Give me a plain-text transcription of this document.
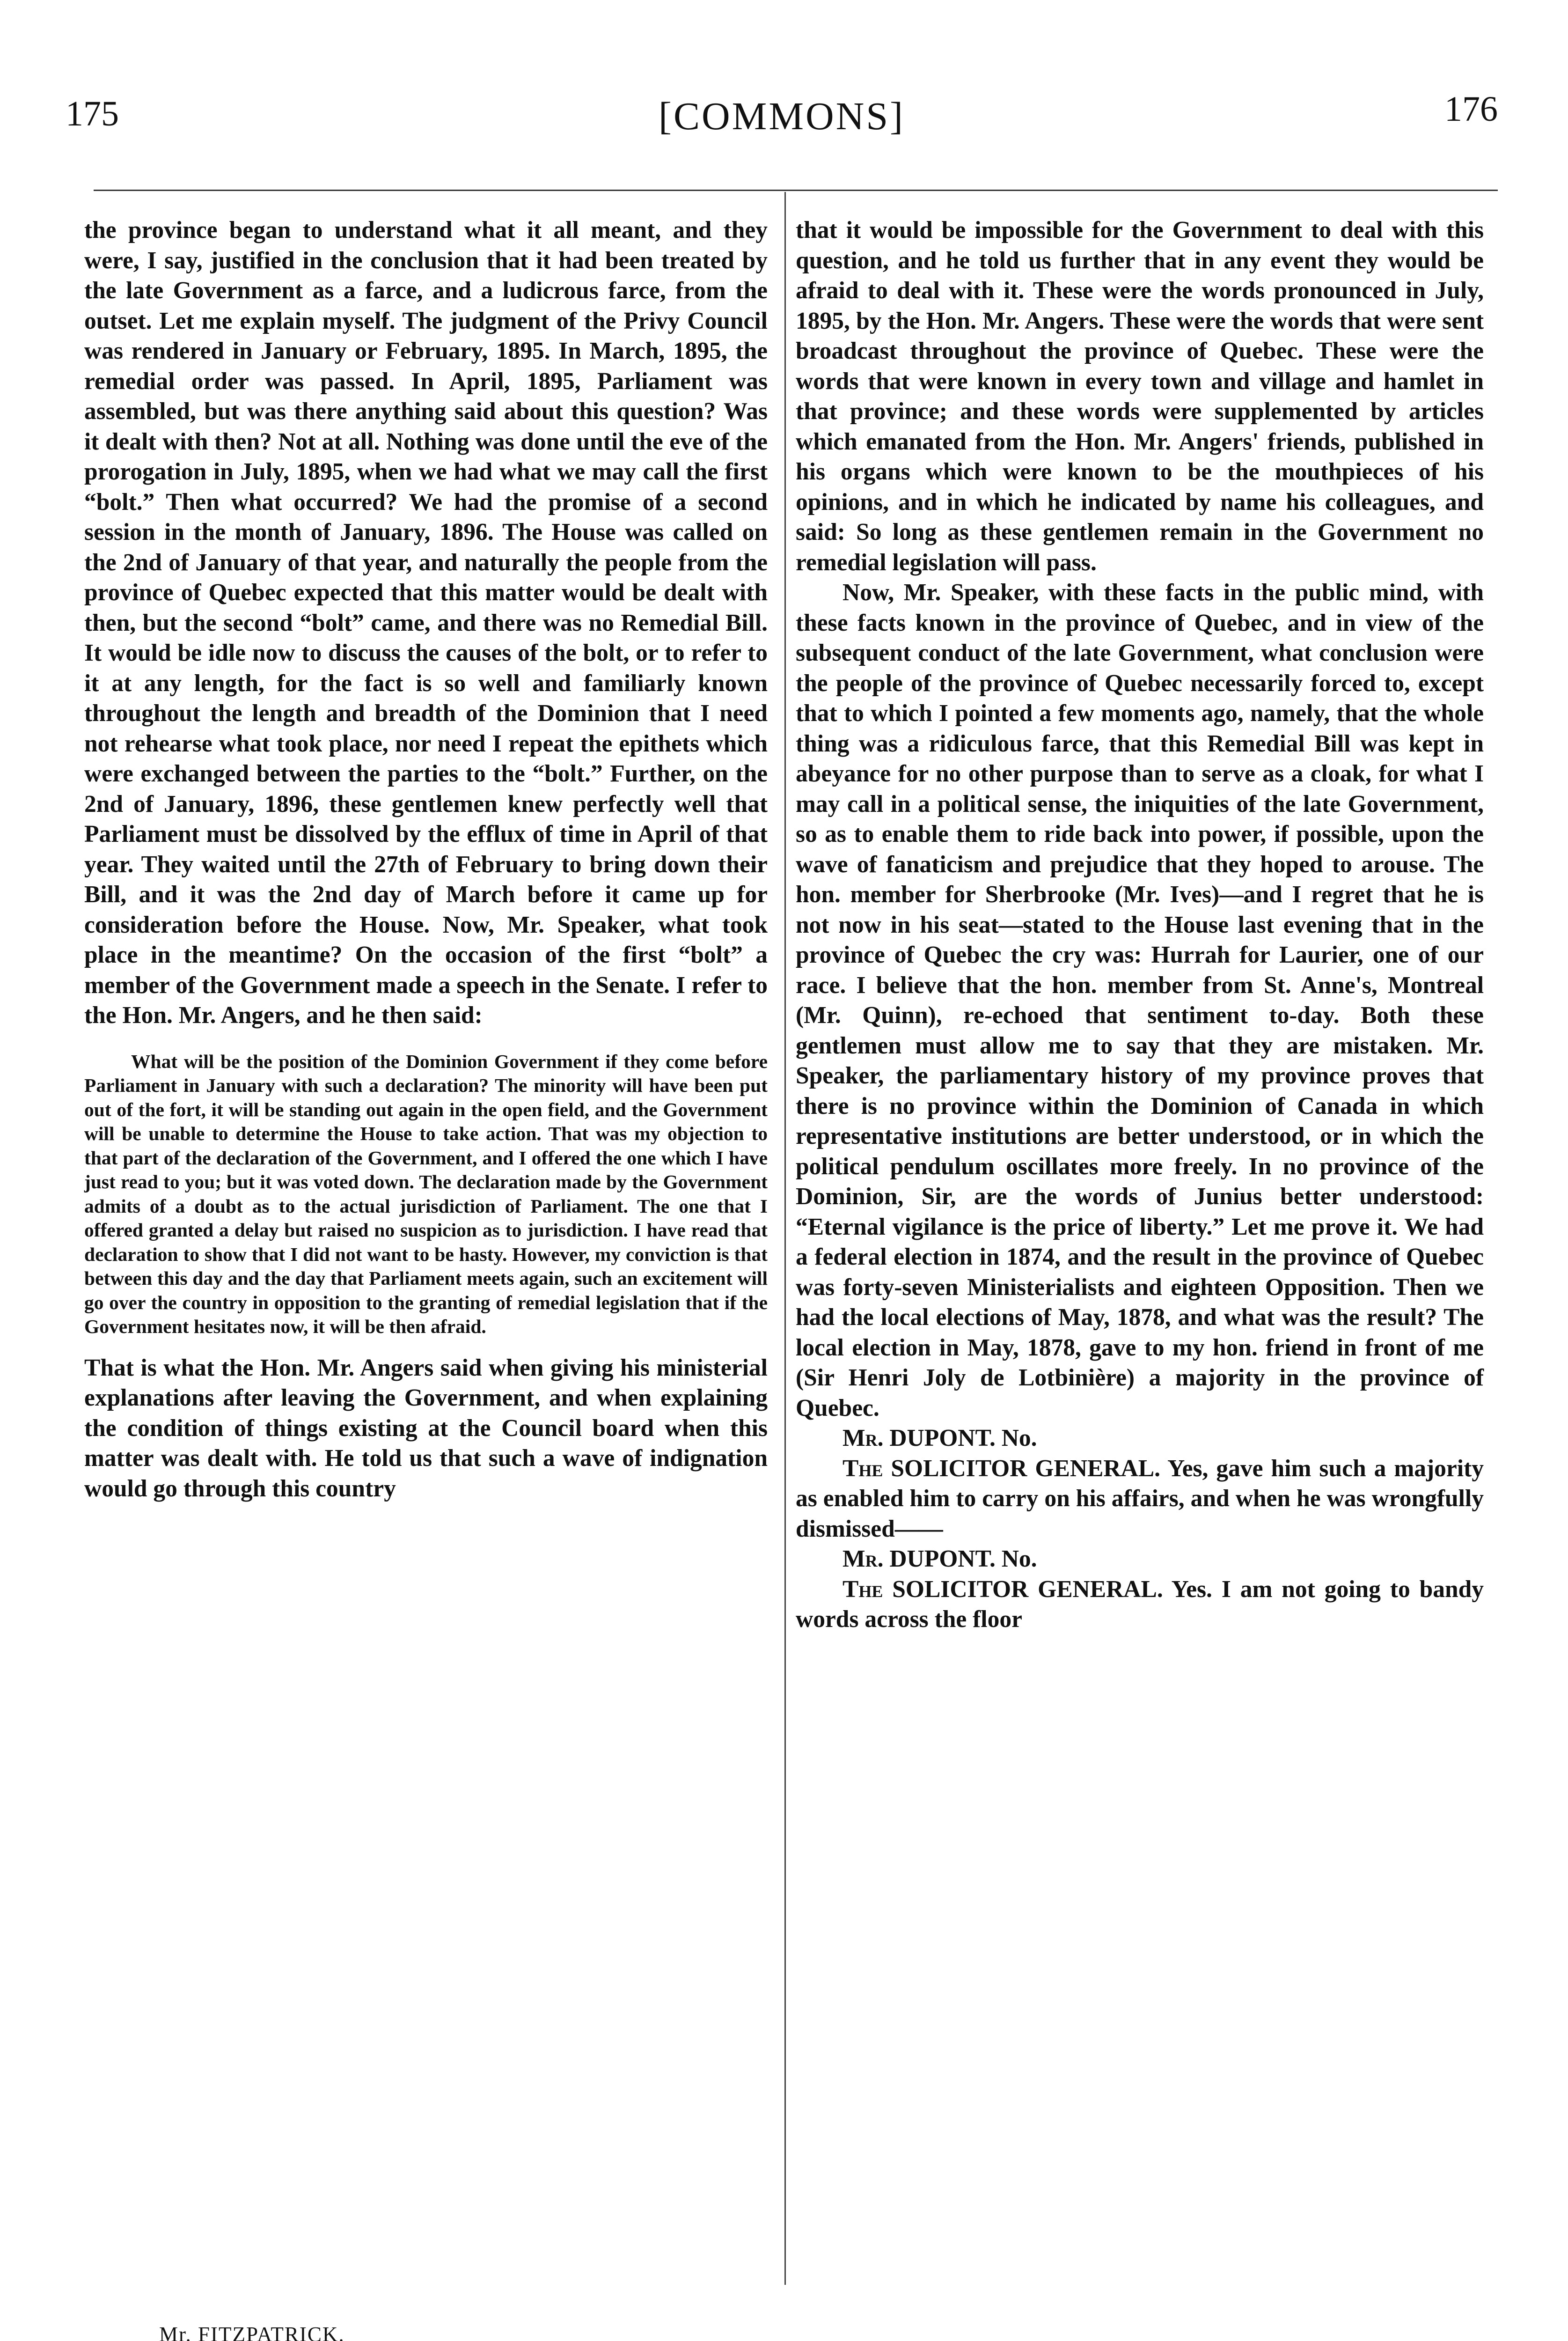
175	[COMMONS]	176

the province began to understand what it all meant, and they were, I say, justified in the conclusion that it had been treated by the late Government as a farce, and a ludicrous farce, from the outset. Let me explain myself. The judgment of the Privy Council was rendered in January or February, 1895. In March, 1895, the remedial order was passed. In April, 1895, Parliament was assembled, but was there anything said about this question? Was it dealt with then? Not at all. Nothing was done until the eve of the prorogation in July, 1895, when we had what we may call the first “bolt.” Then what occurred? We had the promise of a second session in the month of January, 1896. The House was called on the 2nd of January of that year, and naturally the people from the province of Quebec expected that this matter would be dealt with then, but the second “bolt” came, and there was no Remedial Bill. It would be idle now to discuss the causes of the bolt, or to refer to it at any length, for the fact is so well and familiarly known throughout the length and breadth of the Dominion that I need not rehearse what took place, nor need I repeat the epithets which were exchanged between the parties to the “bolt.” Further, on the 2nd of January, 1896, these gentlemen knew perfectly well that Parliament must be dissolved by the efflux of time in April of that year. They waited until the 27th of February to bring down their Bill, and it was the 2nd day of March before it came up for consideration before the House. Now, Mr. Speaker, what took place in the meantime? On the occasion of the first “bolt” a member of the Government made a speech in the Senate. I refer to the Hon. Mr. Angers, and he then said:

What will be the position of the Dominion Government if they come before Parliament in January with such a declaration? The minority will have been put out of the fort, it will be standing out again in the open field, and the Government will be unable to determine the House to take action. That was my objection to that part of the declaration of the Government, and I offered the one which I have just read to you; but it was voted down. The declaration made by the Government admits of a doubt as to the actual jurisdiction of Parliament. The one that I offered granted a delay but raised no suspicion as to jurisdiction. I have read that declaration to show that I did not want to be hasty. However, my conviction is that between this day and the day that Parliament meets again, such an excitement will go over the country in opposition to the granting of remedial legislation that if the Government hesitates now, it will be then afraid.

That is what the Hon. Mr. Angers said when giving his ministerial explanations after leaving the Government, and when explaining the condition of things existing at the Council board when this matter was dealt with. He told us that such a wave of indignation would go through this country

that it would be impossible for the Government to deal with this question, and he told us further that in any event they would be afraid to deal with it. These were the words pronounced in July, 1895, by the Hon. Mr. Angers. These were the words that were sent broadcast throughout the province of Quebec. These were the words that were known in every town and village and hamlet in that province; and these words were supplemented by articles which emanated from the Hon. Mr. Angers' friends, published in his organs which were known to be the mouthpieces of his opinions, and in which he indicated by name his colleagues, and said: So long as these gentlemen remain in the Government no remedial legislation will pass.

Now, Mr. Speaker, with these facts in the public mind, with these facts known in the province of Quebec, and in view of the subsequent conduct of the late Government, what conclusion were the people of the province of Quebec necessarily forced to, except that to which I pointed a few moments ago, namely, that the whole thing was a ridiculous farce, that this Remedial Bill was kept in abeyance for no other purpose than to serve as a cloak, for what I may call in a political sense, the iniquities of the late Government, so as to enable them to ride back into power, if possible, upon the wave of fanaticism and prejudice that they hoped to arouse. The hon. member for Sherbrooke (Mr. Ives)—and I regret that he is not now in his seat—stated to the House last evening that in the province of Quebec the cry was: Hurrah for Laurier, one of our race. I believe that the hon. member from St. Anne's, Montreal (Mr. Quinn), re-echoed that sentiment to-day. Both these gentlemen must allow me to say that they are mistaken. Mr. Speaker, the parliamentary history of my province proves that there is no province within the Dominion of Canada in which representative institutions are better understood, or in which the political pendulum oscillates more freely. In no province of the Dominion, Sir, are the words of Junius better understood: “Eternal vigilance is the price of liberty.” Let me prove it. We had a federal election in 1874, and the result in the province of Quebec was forty-seven Ministerialists and eighteen Opposition. Then we had the local elections of May, 1878, and what was the result? The local election in May, 1878, gave to my hon. friend in front of me (Sir Henri Joly de Lotbinière) a majority in the province of Quebec.

Mr. DUPONT. No.

The SOLICITOR GENERAL. Yes, gave him such a majority as enabled him to carry on his affairs, and when he was wrongfully dismissed——

Mr. DUPONT. No.

The SOLICITOR GENERAL. Yes. I am not going to bandy words across the floor

Mr. FITZPATRICK.
